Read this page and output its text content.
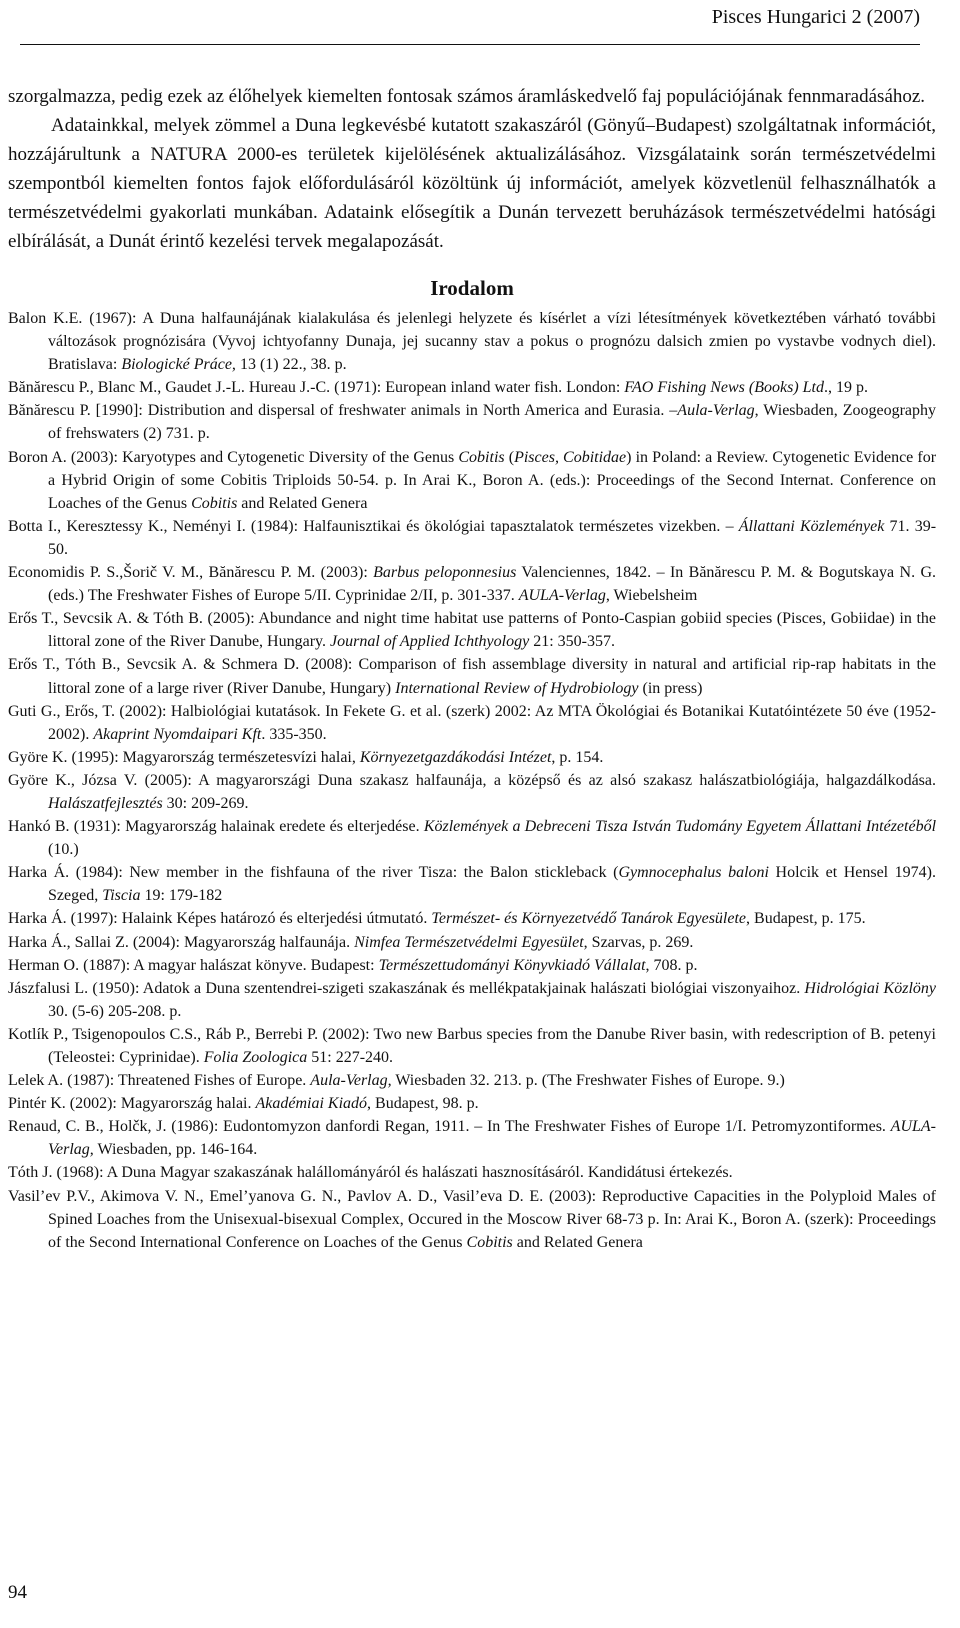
Pisces Hungarici 2 (2007)

szorgalmazza, pedig ezek az élőhelyek kiemelten fontosak számos áramláskedvelő faj populációjának fennmaradásához.

Adatainkkal, melyek zömmel a Duna legkevésbé kutatott szakaszáról (Gönyű–Budapest) szolgáltatnak információt, hozzájárultunk a NATURA 2000-es területek kijelölésének aktualizálásához. Vizsgálataink során természetvédelmi szempontból kiemelten fontos fajok előfordulásáról közöltünk új információt, amelyek közvetlenül felhasználhatók a természetvédelmi gyakorlati munkában. Adataink elősegítik a Dunán tervezett beruházások természetvédelmi hatósági elbírálását, a Dunát érintő kezelési tervek megalapozását.

Irodalom
Balon K.E. (1967): A Duna halfaunájának kialakulása és jelenlegi helyzete és kísérlet a vízi létesítmények következtében várható további változások prognózisára (Vyvoj ichtyofanny Dunaja, jej sucanny stav a pokus o prognózu dalsich zmien po vystavbe vodnych diel). Bratislava: Biologické Práce, 13 (1) 22., 38. p.
Bănărescu P., Blanc M., Gaudet J.-L. Hureau J.-C. (1971): European inland water fish. London: FAO Fishing News (Books) Ltd., 19 p.
Bănărescu P. [1990]: Distribution and dispersal of freshwater animals in North America and Eurasia. –Aula-Verlag, Wiesbaden, Zoogeography of frehswaters (2) 731. p.
Boron A. (2003): Karyotypes and Cytogenetic Diversity of the Genus Cobitis (Pisces, Cobitidae) in Poland: a Review. Cytogenetic Evidence for a Hybrid Origin of some Cobitis Triploids 50-54. p. In Arai K., Boron A. (eds.): Proceedings of the Second Internat. Conference on Loaches of the Genus Cobitis and Related Genera
Botta I., Keresztessy K., Neményi I. (1984): Halfaunisztikai és ökológiai tapasztalatok természetes vizekben. – Állattani Közlemények 71. 39-50.
Economidis P. S.,Šorič V. M., Bănărescu P. M. (2003): Barbus peloponnesius Valenciennes, 1842. – In Bănărescu P. M. & Bogutskaya N. G. (eds.) The Freshwater Fishes of Europe 5/II. Cyprinidae 2/II, p. 301-337. AULA-Verlag, Wiebelsheim
Erős T., Sevcsik A. & Tóth B. (2005): Abundance and night time habitat use patterns of Ponto-Caspian gobiid species (Pisces, Gobiidae) in the littoral zone of the River Danube, Hungary. Journal of Applied Ichthyology 21: 350-357.
Erős T., Tóth B., Sevcsik A. & Schmera D. (2008): Comparison of fish assemblage diversity in natural and artificial rip-rap habitats in the littoral zone of a large river (River Danube, Hungary) International Review of Hydrobiology (in press)
Guti G., Erős, T. (2002): Halbiológiai kutatások. In Fekete G. et al. (szerk) 2002: Az MTA Ökológiai és Botanikai Kutatóintézete 50 éve (1952-2002). Akaprint Nyomdaipari Kft. 335-350.
Györe K. (1995): Magyarország természetesvízi halai, Környezetgazdákodási Intézet, p. 154.
Györe K., Józsa V. (2005): A magyarországi Duna szakasz halfaunája, a középső és az alsó szakasz halászatbiológiája, halgazdálkodása. Halászatfejlesztés 30: 209-269.
Hankó B. (1931): Magyarország halainak eredete és elterjedése. Közlemények a Debreceni Tisza István Tudomány Egyetem Állattani Intézetéből (10.)
Harka Á. (1984): New member in the fishfauna of the river Tisza: the Balon stickleback (Gymnocephalus baloni Holcik et Hensel 1974). Szeged, Tiscia 19: 179-182
Harka Á. (1997): Halaink Képes határozó és elterjedési útmutató. Természet- és Környezetvédő Tanárok Egyesülete, Budapest, p. 175.
Harka Á., Sallai Z. (2004): Magyarország halfaunája. Nimfea Természetvédelmi Egyesület, Szarvas, p. 269.
Herman O. (1887): A magyar halászat könyve. Budapest: Természettudományi Könyvkiadó Vállalat, 708. p.
Jászfalusi L. (1950): Adatok a Duna szentendrei-szigeti szakaszának és mellékpatakjainak halászati biológiai viszonyaihoz. Hidrológiai Közlöny 30. (5-6) 205-208. p.
Kotlík P., Tsigenopoulos C.S., Ráb P., Berrebi P. (2002): Two new Barbus species from the Danube River basin, with redescription of B. petenyi (Teleostei: Cyprinidae). Folia Zoologica 51: 227-240.
Lelek A. (1987): Threatened Fishes of Europe. Aula-Verlag, Wiesbaden 32. 213. p. (The Freshwater Fishes of Europe. 9.)
Pintér K. (2002): Magyarország halai. Akadémiai Kiadó, Budapest, 98. p.
Renaud, C. B., Holčk, J. (1986): Eudontomyzon danfordi Regan, 1911. – In The Freshwater Fishes of Europe 1/I. Petromyzontiformes. AULA-Verlag, Wiesbaden, pp. 146-164.
Tóth J. (1968): A Duna Magyar szakaszának halállományáról és halászati hasznosításáról. Kandidátusi értekezés.
Vasil’ev P.V., Akimova V. N., Emel’yanova G. N., Pavlov A. D., Vasil’eva D. E. (2003): Reproductive Capacities in the Polyploid Males of Spined Loaches from the Unisexual-bisexual Complex, Occured in the Moscow River 68-73 p. In: Arai K., Boron A. (szerk): Proceedings of the Second International Conference on Loaches of the Genus Cobitis and Related Genera
94
